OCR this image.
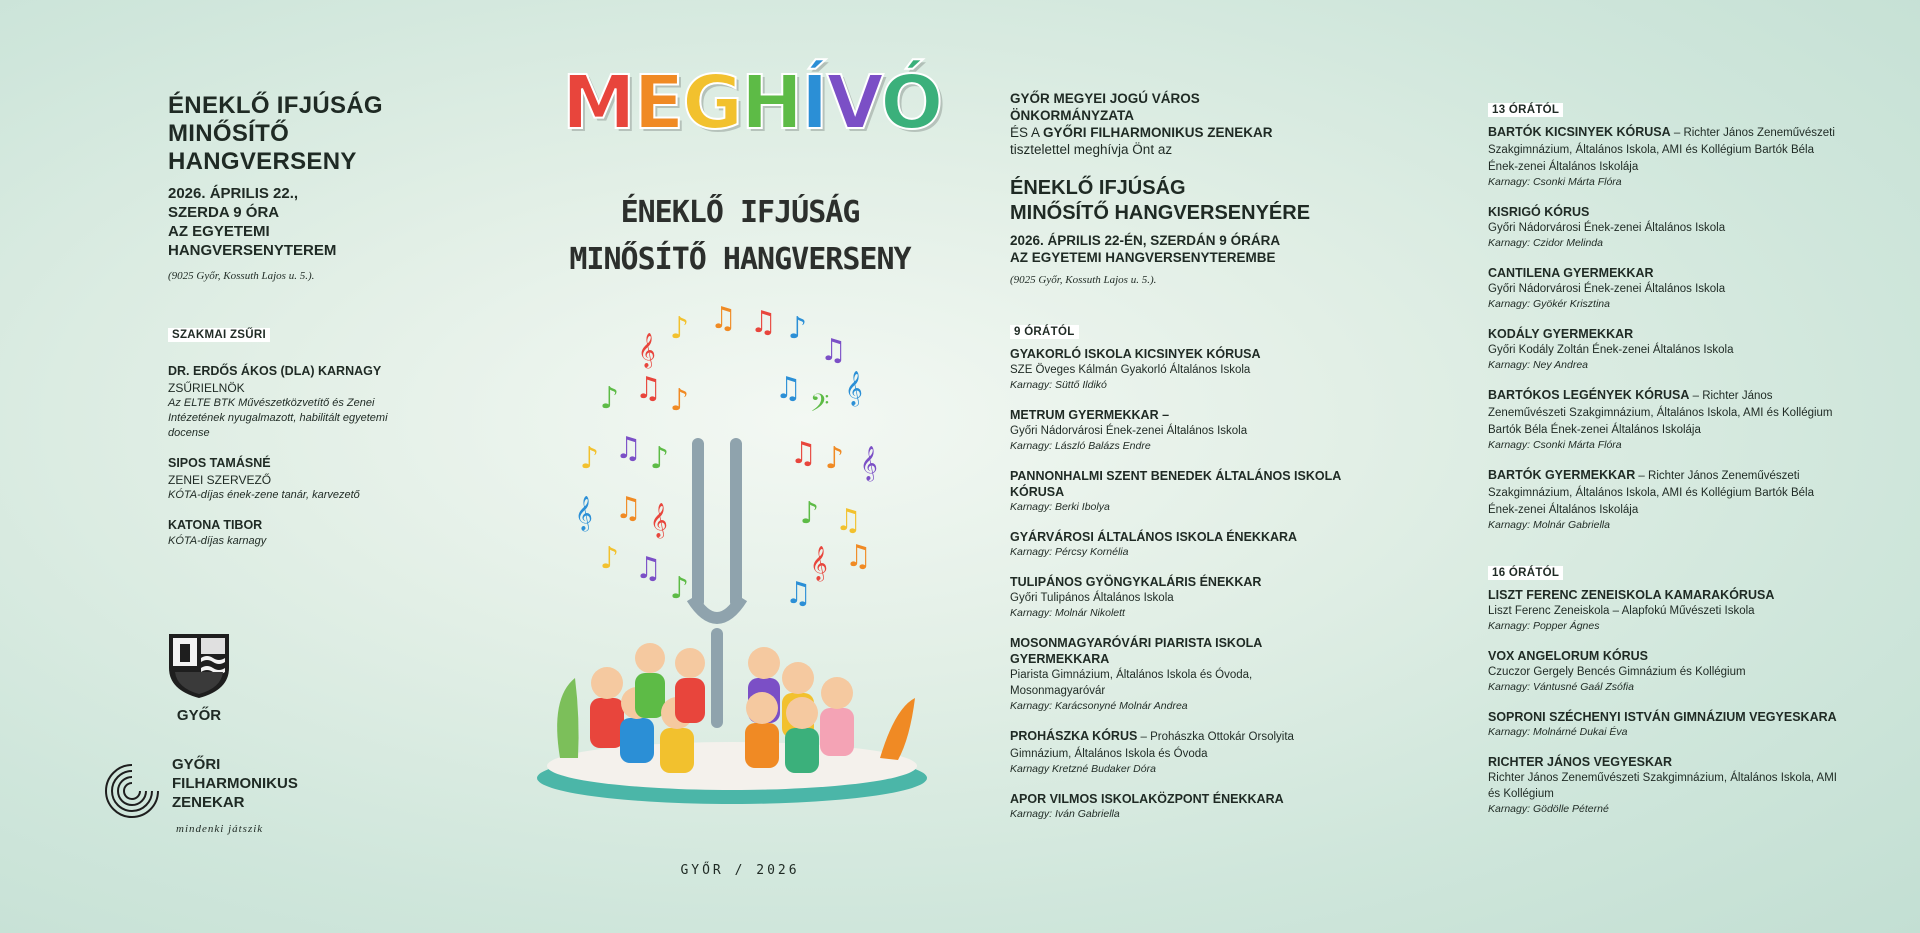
ÉNEKLŐ IFJÚSÁG
MINŐSÍTŐ
HANGVERSENY
2026. ÁPRILIS 22.,
SZERDA 9 ÓRA
AZ EGYETEMI
HANGVERSENYTEREM
(9025 Győr, Kossuth Lajos u. 5.).
SZAKMAI ZSŰRI
DR. ERDŐS ÁKOS (DLA) KARNAGY
ZSŰRIELNÖK
Az ELTE BTK Művészetközvetítő és Zenei Intézetének nyugalmazott, habilitált egyetemi docense
SIPOS TAMÁSNÉ
ZENEI SZERVEZŐ
KÓTA-díjas ének-zene tanár, karvezető
KATONA TIBOR
KÓTA-díjas karnagy
GYŐR
GYŐRI
FILHARMONIKUS
ZENEKAR
mindenki játszik
MEGHÍVÓ
ÉNEKLŐ IFJÚSÁG
MINŐSÍTŐ HANGVERSENY
𝄞
♪ ♫ ♫ ♪
♫
♪ ♫ ♪	♫
𝄢
𝄞
♪ ♫ ♪	♫ ♪ 𝄞
𝄞 ♫ 𝄞	♪ ♫
♪ ♫	𝄞 ♫
♪	♫
GYŐR / 2026
GYŐR MEGYEI JOGÚ VÁROS
ÖNKORMÁNYZATA
ÉS A GYŐRI FILHARMONIKUS ZENEKAR
tisztelettel meghívja Önt az
ÉNEKLŐ IFJÚSÁG
MINŐSÍTŐ HANGVERSENYÉRE
2026. ÁPRILIS 22-ÉN, SZERDÁN 9 ÓRÁRA
AZ EGYETEMI HANGVERSENYTEREMBE
(9025 Győr, Kossuth Lajos u. 5.).
9 ÓRÁTÓL
GYAKORLÓ ISKOLA KICSINYEK KÓRUSA
SZE Öveges Kálmán Gyakorló Általános Iskola
Karnagy: Süttő Ildikó
METRUM GYERMEKKAR –
Győri Nádorvárosi Ének-zenei Általános Iskola
Karnagy: László Balázs Endre
PANNONHALMI SZENT BENEDEK ÁLTALÁNOS ISKOLA KÓRUSA
Karnagy: Berki Ibolya
GYÁRVÁROSI ÁLTALÁNOS ISKOLA ÉNEKKARA
Karnagy: Pércsy Kornélia
TULIPÁNOS GYÖNGYKALÁRIS ÉNEKKAR
Győri Tulipános Általános Iskola
Karnagy: Molnár Nikolett
MOSONMAGYARÓVÁRI PIARISTA ISKOLA GYERMEKKARA
Piarista Gimnázium, Általános Iskola és Óvoda, Mosonmagyaróvár
Karnagy: Karácsonyné Molnár Andrea
PROHÁSZKA KÓRUS – Prohászka Ottokár Orsolyita Gimnázium, Általános Iskola és Óvoda
Karnagy Kretzné Budaker Dóra
APOR VILMOS ISKOLAKÖZPONT ÉNEKKARA
Karnagy: Iván Gabriella
13 ÓRÁTÓL
BARTÓK KICSINYEK KÓRUSA – Richter János Zeneművészeti Szakgimnázium, Általános Iskola, AMI és Kollégium Bartók Béla Ének-zenei Általános Iskolája
Karnagy: Csonki Márta Flóra
KISRIGÓ KÓRUS
Győri Nádorvárosi Ének-zenei Általános Iskola
Karnagy: Czidor Melinda
CANTILENA GYERMEKKAR
Győri Nádorvárosi Ének-zenei Általános Iskola
Karnagy: Gyökér Krisztina
KODÁLY GYERMEKKAR
Győri Kodály Zoltán Ének-zenei Általános Iskola
Karnagy: Ney Andrea
BARTÓKOS LEGÉNYEK KÓRUSA – Richter János Zeneművészeti Szakgimnázium, Általános Iskola, AMI és Kollégium Bartók Béla Ének-zenei Általános Iskolája
Karnagy: Csonki Márta Flóra
BARTÓK GYERMEKKAR – Richter János Zeneművészeti Szakgimnázium, Általános Iskola, AMI és Kollégium Bartók Béla Ének-zenei Általános Iskolája
Karnagy: Molnár Gabriella
16 ÓRÁTÓL
LISZT FERENC ZENEISKOLA KAMARAKÓRUSA
Liszt Ferenc Zeneiskola – Alapfokú Művészeti Iskola
Karnagy: Popper Ágnes
VOX ANGELORUM KÓRUS
Czuczor Gergely Bencés Gimnázium és Kollégium
Karnagy: Vántusné Gaál Zsófia
SOPRONI SZÉCHENYI ISTVÁN GIMNÁZIUM VEGYESKARA
Karnagy: Molnárné Dukai Éva
RICHTER JÁNOS VEGYESKAR
Richter János Zeneművészeti Szakgimnázium, Általános Iskola, AMI és Kollégium
Karnagy: Gödölle Péterné
